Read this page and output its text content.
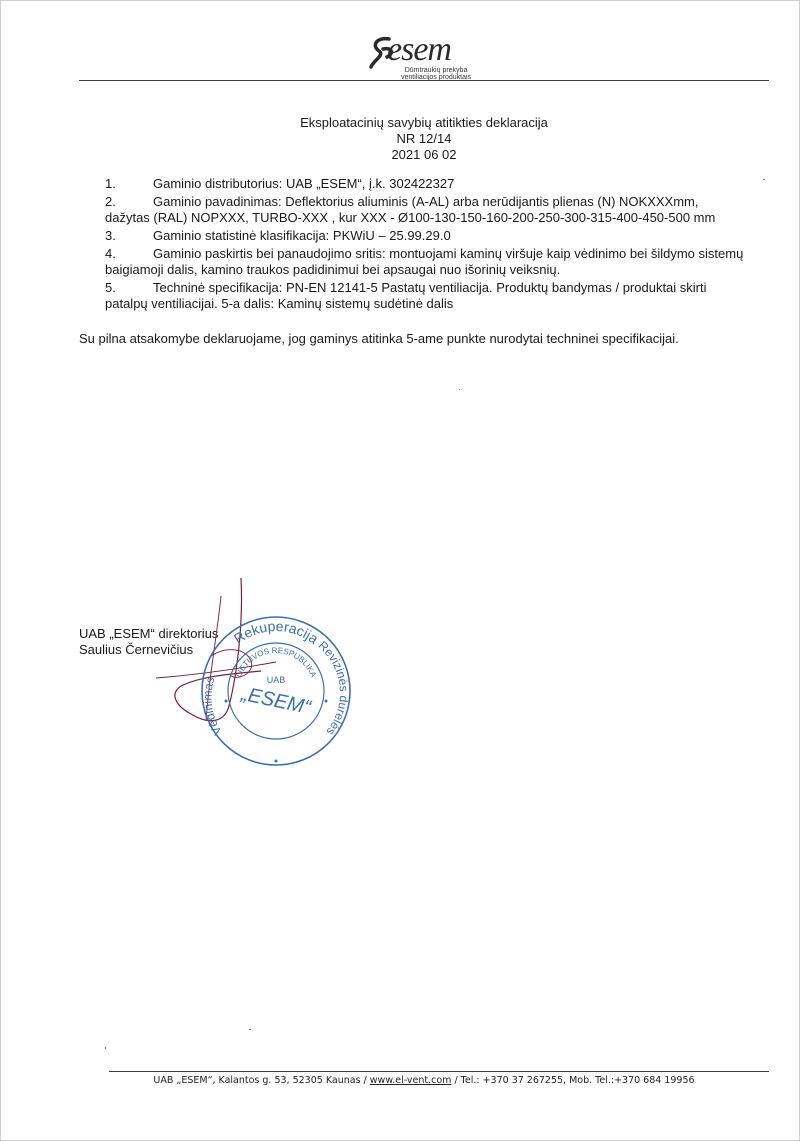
esem
Dūmtraukių prekyba
ventiliacijos produktais
Eksploatacinių savybių atitikties deklaracija
NR 12/14
2021 06 02
1.	Gaminio distributorius: UAB „ESEM“, į.k. 302422327
2.	Gaminio pavadinimas: Deflektorius aliuminis (A-AL) arba nerūdijantis plienas (N) NOKXXXmm,
dažytas (RAL) NOPXXX, TURBO-XXX , kur XXX - Ø100-130-150-160-200-250-300-315-400-450-500 mm
3.	Gaminio statistinė klasifikacija: PKWiU – 25.99.29.0
4.	Gaminio paskirtis bei panaudojimo sritis: montuojami kaminų viršuje kaip vėdinimo bei šildymo sistemų
baigiamoji dalis, kamino traukos padidinimui bei apsaugai nuo išorinių veiksnių.
5.	Techninė specifikacija: PN-EN 12141-5 Pastatų ventiliacija. Produktų bandymas / produktai skirti
patalpų ventiliacijai. 5-a dalis: Kaminų sistemų sudėtinė dalis
Su pilna atsakomybe deklaruojame, jog gaminys atitinka 5-ame punkte nurodytai techninei specifikacijai.
UAB „ESEM“ direktorius
Saulius Černevičius
Rekuperacija
Revizinės durelės
Vėdinimas
LIETUVOS RESPUBLIKA
UAB
„ESEM“
UAB „ESEM“, Kalantos g. 53, 52305 Kaunas / www.el-vent.com / Tel.: +370 37 267255, Mob. Tel.:+370 684 19956
